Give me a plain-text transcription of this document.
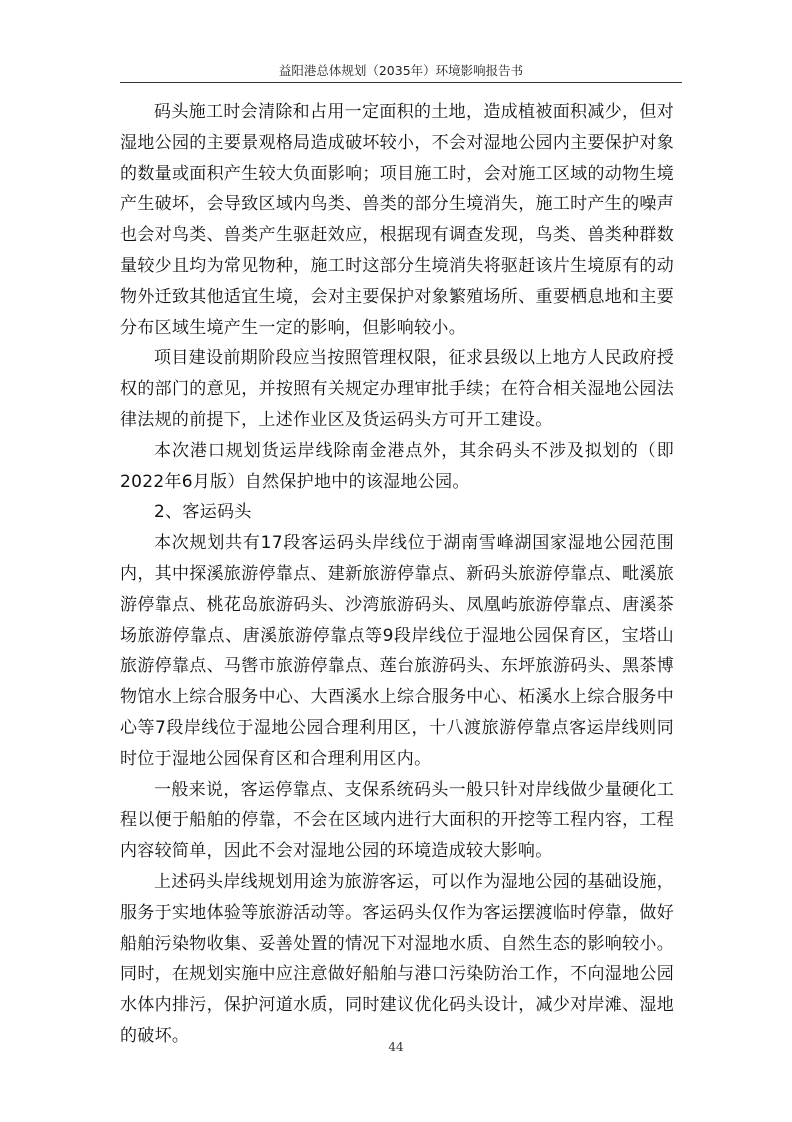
益阳港总体规划（2035年）环境影响报告书

码头施工时会清除和占用一定面积的土地，造成植被面积减少，但对湿地公园的主要景观格局造成破坏较小，不会对湿地公园内主要保护对象的数量或面积产生较大负面影响；项目施工时，会对施工区域的动物生境产生破坏，会导致区域内鸟类、兽类的部分生境消失，施工时产生的噪声也会对鸟类、兽类产生驱赶效应，根据现有调查发现，鸟类、兽类种群数量较少且均为常见物种，施工时这部分生境消失将驱赶该片生境原有的动物外迁致其他适宜生境，会对主要保护对象繁殖场所、重要栖息地和主要分布区域生境产生一定的影响，但影响较小。

项目建设前期阶段应当按照管理权限，征求县级以上地方人民政府授权的部门的意见，并按照有关规定办理审批手续；在符合相关湿地公园法律法规的前提下，上述作业区及货运码头方可开工建设。

本次港口规划货运岸线除南金港点外，其余码头不涉及拟划的（即2022年6月版）自然保护地中的该湿地公园。

2、客运码头

本次规划共有17段客运码头岸线位于湖南雪峰湖国家湿地公园范围内，其中探溪旅游停靠点、建新旅游停靠点、新码头旅游停靠点、毗溪旅游停靠点、桃花岛旅游码头、沙湾旅游码头、凤凰屿旅游停靠点、唐溪茶场旅游停靠点、唐溪旅游停靠点等9段岸线位于湿地公园保育区，宝塔山旅游停靠点、马辔市旅游停靠点、莲台旅游码头、东坪旅游码头、黑茶博物馆水上综合服务中心、大酉溪水上综合服务中心、柘溪水上综合服务中心等7段岸线位于湿地公园合理利用区，十八渡旅游停靠点客运岸线则同时位于湿地公园保育区和合理利用区内。

一般来说，客运停靠点、支保系统码头一般只针对岸线做少量硬化工程以便于船舶的停靠，不会在区域内进行大面积的开挖等工程内容，工程内容较简单，因此不会对湿地公园的环境造成较大影响。

上述码头岸线规划用途为旅游客运，可以作为湿地公园的基础设施，服务于实地体验等旅游活动等。客运码头仅作为客运摆渡临时停靠，做好船舶污染物收集、妥善处置的情况下对湿地水质、自然生态的影响较小。同时，在规划实施中应注意做好船舶与港口污染防治工作，不向湿地公园水体内排污，保护河道水质，同时建议优化码头设计，减少对岸滩、湿地的破坏。

44
